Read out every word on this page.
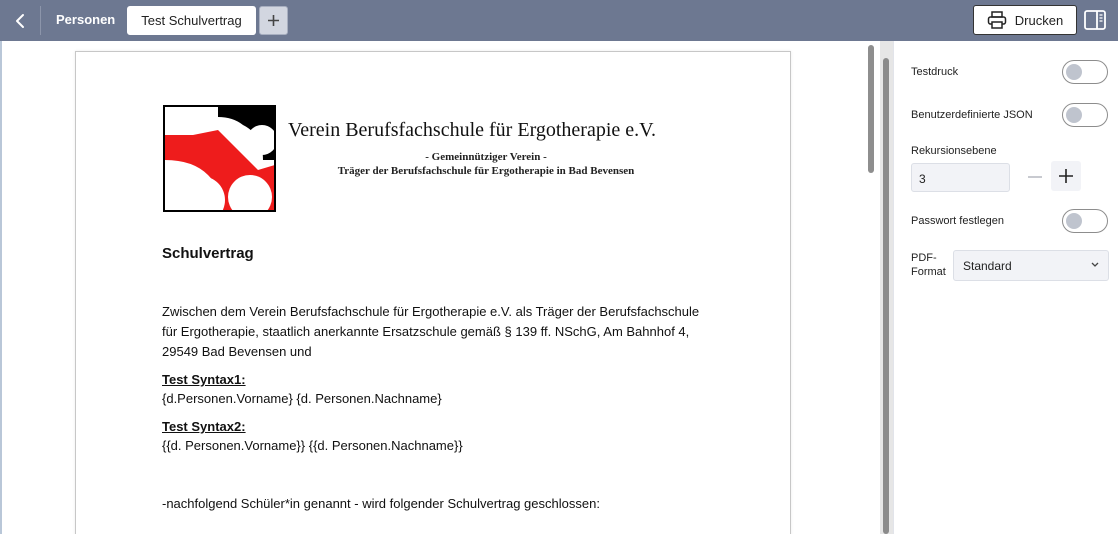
Personen Test Schulvertrag	Drucken
Verein Berufsfachschule für Ergotherapie e.V.
- Gemeinnütziger Verein -
Träger der Berufsfachschule für Ergotherapie in Bad Bevensen
Schulvertrag
Zwischen dem Verein Berufsfachschule für Ergotherapie e.V. als Träger der Berufsfachschule
für Ergotherapie, staatlich anerkannte Ersatzschule gemäß § 139 ff. NSchG, Am Bahnhof 4,
29549 Bad Bevensen und
Test Syntax1:
{d.Personen.Vorname} {d. Personen.Nachname}
Test Syntax2:
{{d. Personen.Vorname}} {{d. Personen.Nachname}}
-nachfolgend Schüler*in genannt - wird folgender Schulvertrag geschlossen:
Testdruck
Benutzerdefinierte JSON
Rekursionsebene
3
Passwort festlegen
PDF-
Format	Standard
